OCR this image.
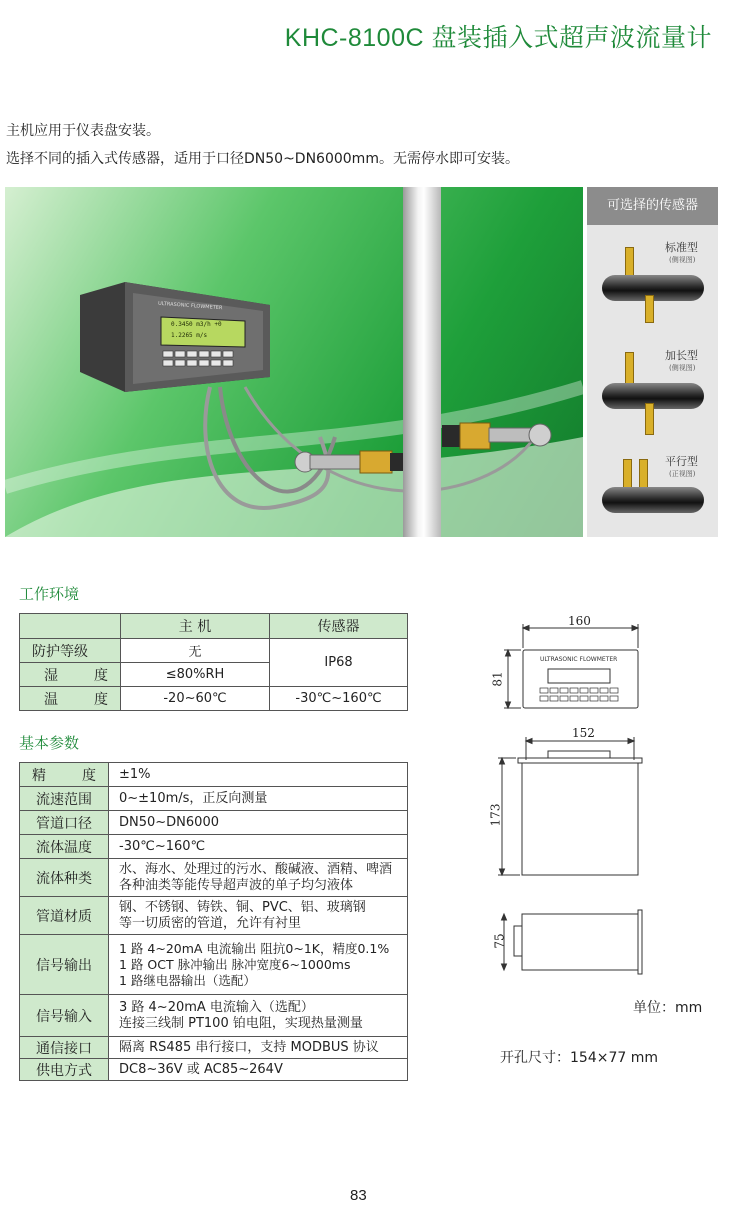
KHC-8100C 盘装插入式超声波流量计
主机应用于仪表盘安装。
选择不同的插入式传感器，适用于口径DN50~DN6000mm。无需停水即可安装。
ULTRASONIC FLOWMETER
0.3450 m3/h +0
1.2265 m/s
可选择的传感器
标准型
(侧视图)
加长型
(侧视图)
平行型
(正视图)
工作环境
	主 机	传感器
防护等级	无	IP68

湿 度	≤80%RH	

温 度	-20~60℃	-30℃~160℃
基本参数
精 度	±1%
流速范围	0~±10m/s，正反向测量
管道口径	DN50~DN6000
流体温度	-30℃~160℃
流体种类	水、海水、处理过的污水、酸碱液、酒精、啤酒
各种油类等能传导超声波的单子均匀液体

管道材质	钢、不锈钢、铸铁、铜、PVC、铝、玻璃钢
等一切质密的管道，允许有衬里

信号输出	1 路 4~20mA 电流输出 阻抗0~1K，精度0.1%
1 路 OCT 脉冲输出 脉冲宽度6~1000ms
1 路继电器输出（选配）

信号输入	3 路 4~20mA 电流输入（选配）
连接三线制 PT100 铂电阻，实现热量测量

通信接口	隔离 RS485 串行接口，支持 MODBUS 协议
供电方式	DC8~36V 或 AC85~264V
160
81
ULTRASONIC FLOWMETER
152
173
75
单位：mm
开孔尺寸：154×77 mm
83
